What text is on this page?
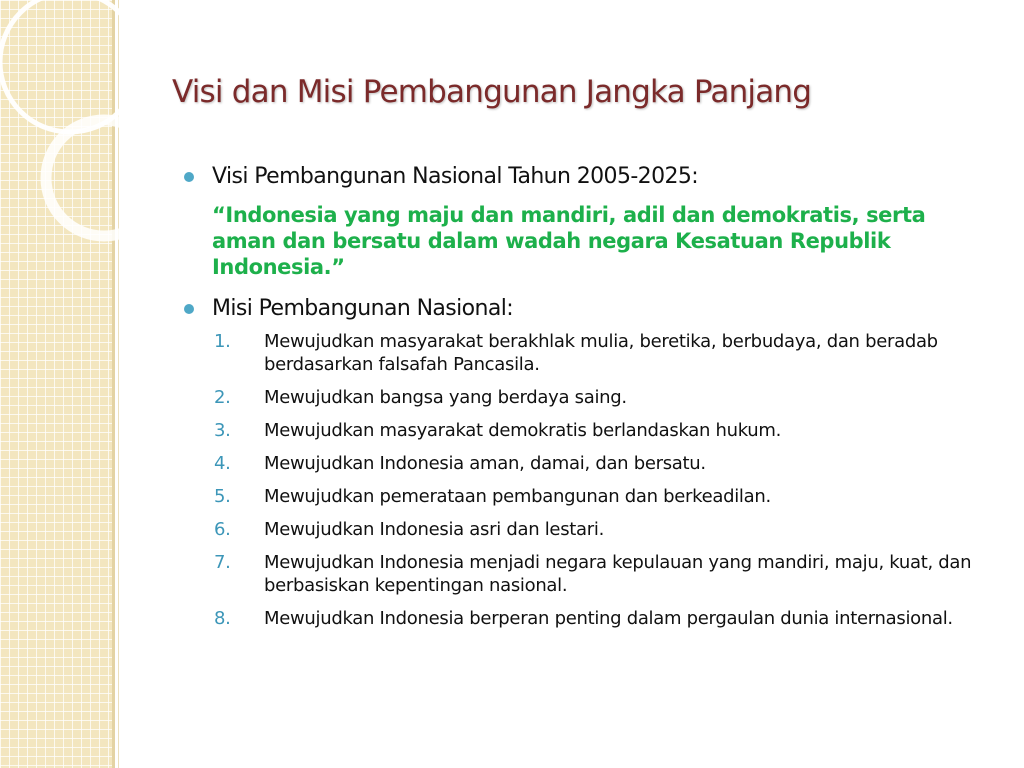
Visi dan Misi Pembangunan Jangka Panjang
Visi Pembangunan Nasional Tahun 2005-2025:
“Indonesia yang maju dan mandiri, adil dan demokratis, serta aman dan bersatu dalam wadah negara Kesatuan Republik Indonesia.”
Misi Pembangunan Nasional:
1. Mewujudkan masyarakat berakhlak mulia, beretika, berbudaya, dan beradab berdasarkan falsafah Pancasila.
2. Mewujudkan bangsa yang berdaya saing.
3. Mewujudkan masyarakat demokratis berlandaskan hukum.
4. Mewujudkan Indonesia aman, damai, dan bersatu.
5. Mewujudkan pemerataan pembangunan dan berkeadilan.
6. Mewujudkan Indonesia asri dan lestari.
7. Mewujudkan Indonesia menjadi negara kepulauan yang mandiri, maju, kuat, dan berbasiskan kepentingan nasional.
8. Mewujudkan Indonesia berperan penting dalam pergaulan dunia internasional.
